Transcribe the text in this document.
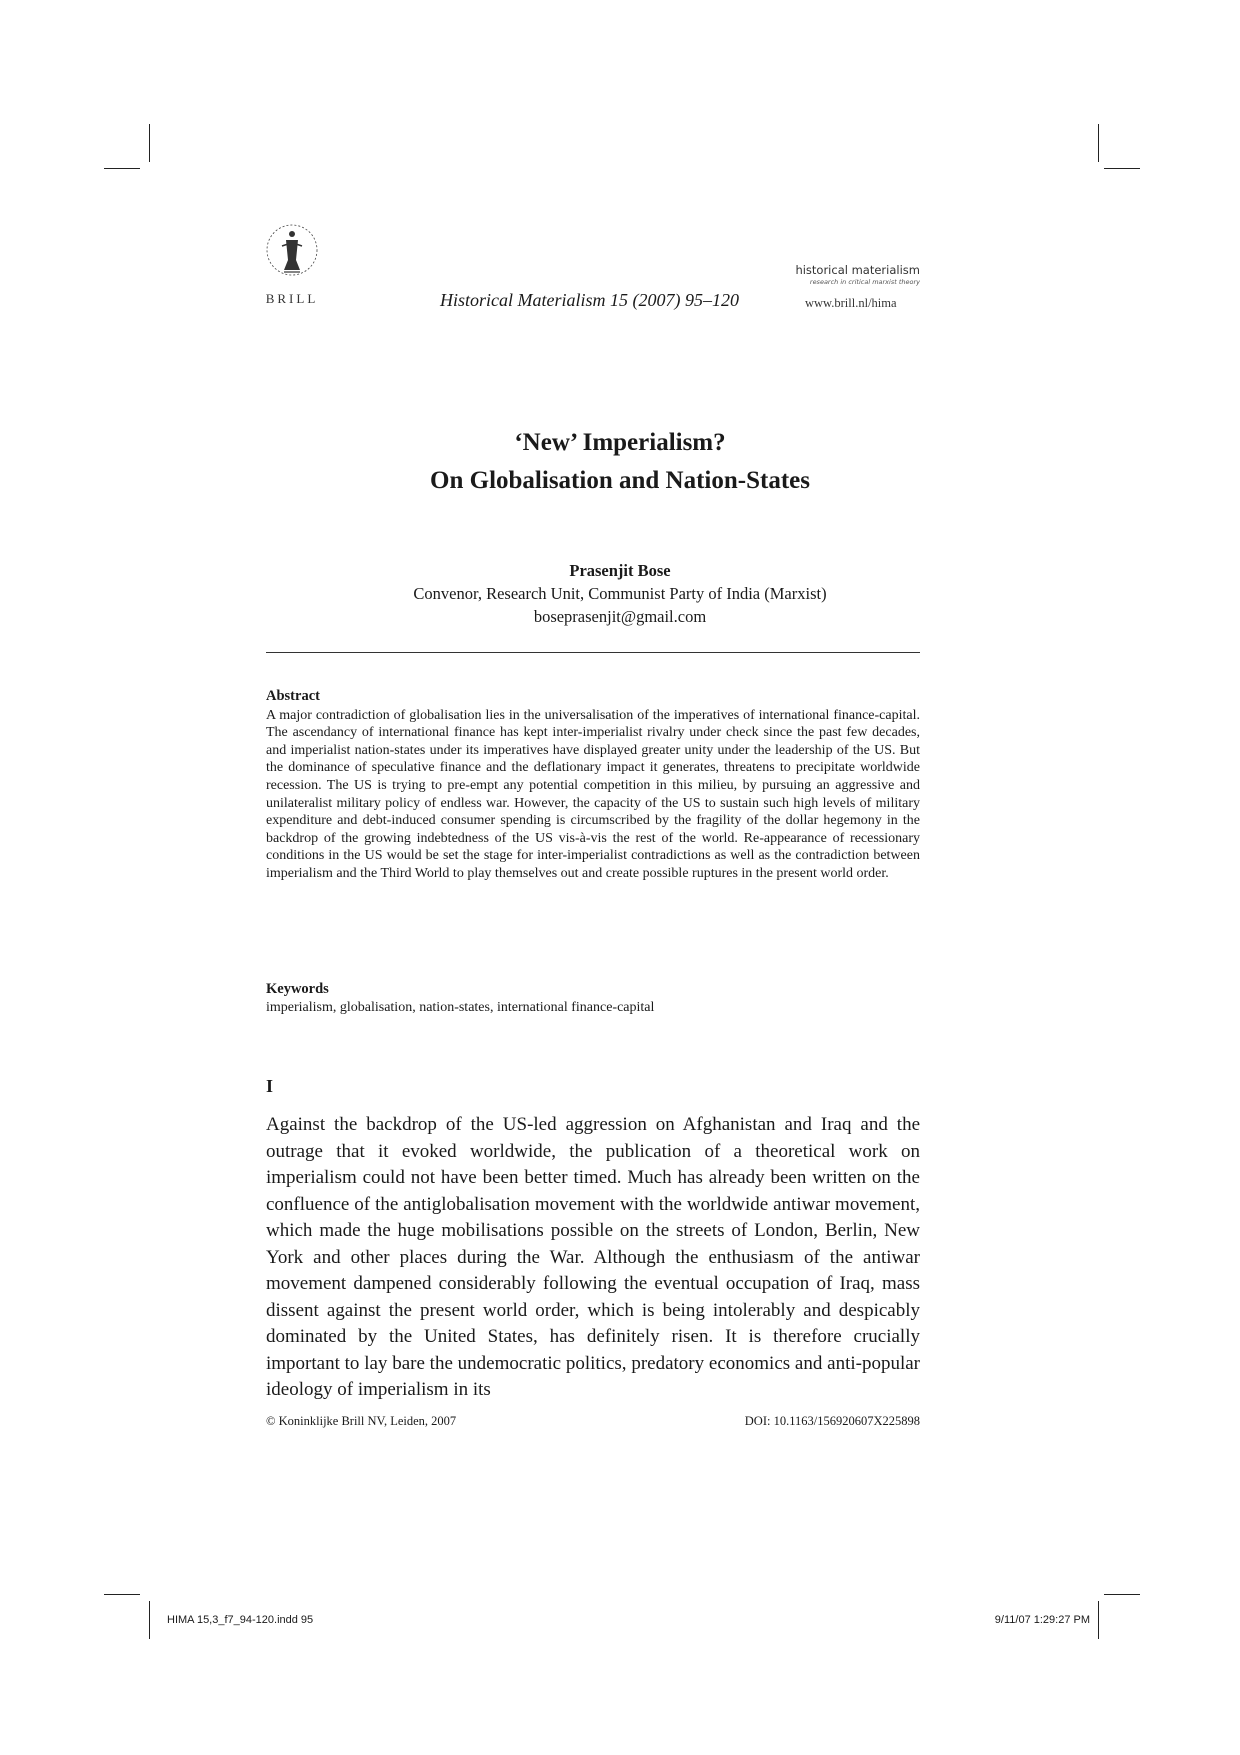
BRILL	Historical Materialism 15 (2007) 95–120
historical materialism
research in critical marxist theory
www.brill.nl/hima
‘New’ Imperialism?
On Globalisation and Nation-States
Prasenjit Bose
Convenor, Research Unit, Communist Party of India (Marxist)
boseprasenjit@gmail.com
Abstract
A major contradiction of globalisation lies in the universalisation of the imperatives of international finance-capital. The ascendancy of international finance has kept inter-imperialist rivalry under check since the past few decades, and imperialist nation-states under its imperatives have displayed greater unity under the leadership of the US. But the dominance of speculative finance and the deflationary impact it generates, threatens to precipitate worldwide recession. The US is trying to pre-empt any potential competition in this milieu, by pursuing an aggressive and unilateralist military policy of endless war. However, the capacity of the US to sustain such high levels of military expenditure and debt-induced consumer spending is circumscribed by the fragility of the dollar hegemony in the backdrop of the growing indebtedness of the US vis-à-vis the rest of the world. Re-appearance of recessionary conditions in the US would be set the stage for inter-imperialist contradictions as well as the contradiction between imperialism and the Third World to play themselves out and create possible ruptures in the present world order.
Keywords
imperialism, globalisation, nation-states, international finance-capital
I
Against the backdrop of the US-led aggression on Afghanistan and Iraq and the outrage that it evoked worldwide, the publication of a theoretical work on imperialism could not have been better timed. Much has already been written on the confluence of the antiglobalisation movement with the worldwide antiwar movement, which made the huge mobilisations possible on the streets of London, Berlin, New York and other places during the War. Although the enthusiasm of the antiwar movement dampened considerably following the eventual occupation of Iraq, mass dissent against the present world order, which is being intolerably and despicably dominated by the United States, has definitely risen. It is therefore crucially important to lay bare the undemocratic politics, predatory economics and anti-popular ideology of imperialism in its
© Koninklijke Brill NV, Leiden, 2007	DOI: 10.1163/156920607X225898
HIMA 15,3_f7_94-120.indd 95	9/11/07 1:29:27 PM
